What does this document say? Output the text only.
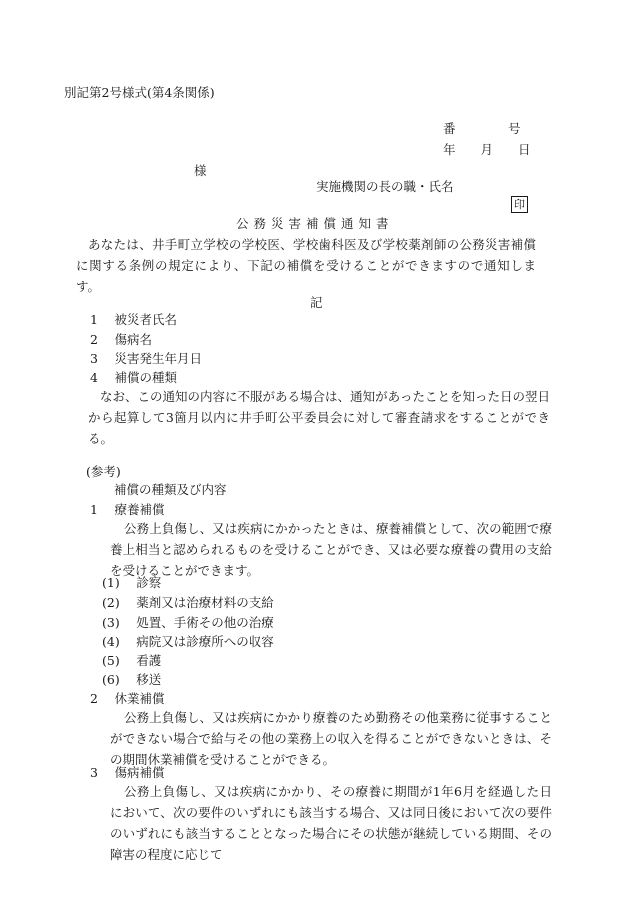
別記第2号様式(第4条関係)
番　　　　号
年　　月　　日
様
実施機関の長の職・氏名
印
公務災害補償通知書
あなたは、井手町立学校の学校医、学校歯科医及び学校薬剤師の公務災害補償に関する条例の規定により、下記の補償を受けることができますので通知します。
記
1　 被災者氏名
2　 傷病名
3　 災害発生年月日
4　 補償の種類
なお、この通知の内容に不服がある場合は、通知があったことを知った日の翌日から起算して3箇月以内に井手町公平委員会に対して審査請求をすることができる。
(参考)
補償の種類及び内容
1　 療養補償
公務上負傷し、又は疾病にかかったときは、療養補償として、次の範囲で療養上相当と認められるものを受けることができ、又は必要な療養の費用の支給を受けることができます。
(1)　 診察
(2)　 薬剤又は治療材料の支給
(3)　 処置、手術その他の治療
(4)　 病院又は診療所への収容
(5)　 看護
(6)　 移送
2　 休業補償
公務上負傷し、又は疾病にかかり療養のため勤務その他業務に従事することができない場合で給与その他の業務上の収入を得ることができないときは、その期間休業補償を受けることができる。
3　 傷病補償
公務上負傷し、又は疾病にかかり、その療養に期間が1年6月を経過した日において、次の要件のいずれにも該当する場合、又は同日後において次の要件のいずれにも該当することとなった場合にその状態が継続している期間、その障害の程度に応じて
